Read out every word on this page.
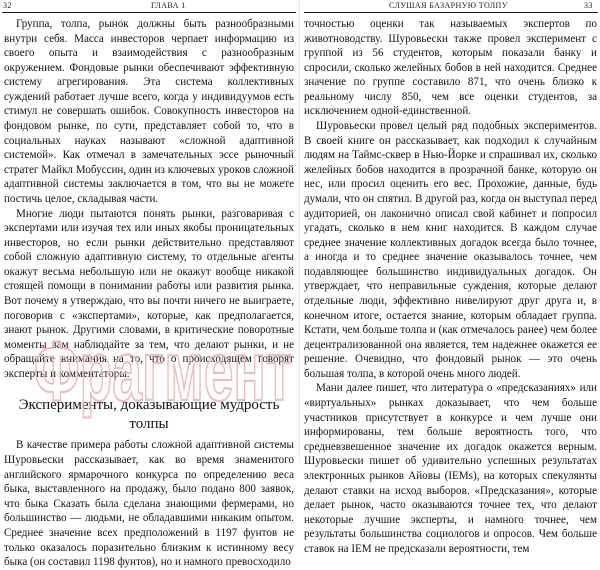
32	ГЛАВА 1	СЛУШАЯ БАЗАРНУЮ ТОЛПУ	33

Группа, толпа, рынок должны быть разнообразными внутри себя. Масса инвесторов черпает информацию из своего опыта и взаимодействия с разнообразным окружением. Фондовые рынки обеспечивают эффективную систему агрегирования. Эта система коллективных суждений работает лучше всего, когда у индивидуумов есть стимул не совершать ошибок. Совокупность инвесторов на фондовом рынке, по сути, представляет собой то, что в социальных науках называют «сложной адаптивной системой». Как отмечал в замечательных эссе рыночный стратег Майкл Мобуссин, один из ключевых уроков сложной адаптивной системы заключается в том, что вы не можете постичь целое, складывая части.

Многие люди пытаются понять рынки, разговаривая с экспертами или изучая тех или иных якобы проницательных инвесторов, но если рынки действительно представляют собой сложную адаптивную систему, то отдельные агенты окажут весьма небольшую или не окажут вообще никакой стоящей помощи в понимании работы или развития рынка. Вот почему я утверждаю, что вы почти ничего не выиграете, поговорив с «экспертами», которые, как предполагается, знают рынок. Другими словами, в критические поворотные моменты вам наблюдайте за тем, что делают рынки, и не обращайте внимания на то, что о происходящем говорят эксперты и комментаторы.

Эксперименты, доказывающие мудрость толпы

В качестве примера работы сложной адаптивной системы Шуровьески рассказывает, как во время знаменитого английского ярмарочного конкурса по определению веса быка, выставленного на продажу, было подано 800 заявок, что быка Сказать была сделана знающими фермерами, но большинство — людьми, не обладавшими никаким опытом. Среднее значение всех предположений в 1197 фунтов не только оказалось поразительно близким к истинному весу быка (он составил 1198 фунтов), но и намного превосходило

точностью оценки так называемых экспертов по животноводству. Шуровьески также провел эксперимент с группой из 56 студентов, которым показали банку и спросили, сколько желейных бобов в ней находится. Среднее значение по группе составило 871, что очень близко к реальному числу 850, чем все оценки студентов, за исключением одной-единственной.

Шуровьески провел целый ряд подобных экспериментов. В своей книге он рассказывает, как подходил к случайным людям на Таймс-сквер в Нью-Йорке и спрашивал их, сколько желейных бобов находится в прозрачной банке, которую он нес, или просил оценить его вес. Прохожие, данные, будь думали, что он спятил. В другой раз, когда он выступал перед аудиторией, он лаконично описал свой кабинет и попросил угадать, сколько в нем книг находится. В каждом случае среднее значение коллективных догадок всегда было точнее, а иногда и то среднее значение оказывалось точнее, чем подавляющее большинство индивидуальных догадок. Он утверждает, что неправильные суждения, которые делают отдельные люди, эффективно нивелируют друг друга и, в конечном итоге, остается знание, которым обладает группа. Кстати, чем больше толпа и (как отмечалось ранее) чем более децентрализованной она является, тем надежнее окажется ее решение. Очевидно, что фондовый рынок — это очень большая толпа, в которой очень много людей.

Мани далее пишет, что литература о «предсказаниях» или «виртуальных» рынках доказывает, что чем больше участников присутствует в конкурсе и чем лучше они информированы, тем больше вероятность того, что средневзвешенное значение их догадок окажется верным. Шуровьески пишет об удивительно успешных результатах электронных рынков Айовы (IEMs), на которых спекулянты делают ставки на исход выборов. «Предсказания», которые делает рынок, часто оказываются точнее тех, что делают некоторые лучшие эксперты, и намного точнее, чем результаты большинства социологов и опросов. Чем больше ставок на IEM не предсказали вероятности, тем

Фрагмент
